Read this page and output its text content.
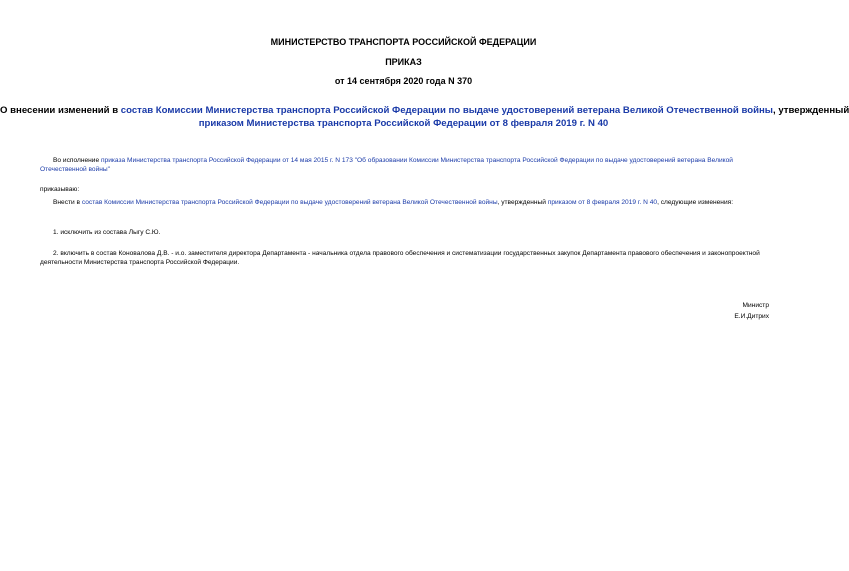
МИНИСТЕРСТВО ТРАНСПОРТА РОССИЙСКОЙ ФЕДЕРАЦИИ
ПРИКАЗ
от 14 сентября 2020 года N 370
О внесении изменений в состав Комиссии Министерства транспорта Российской Федерации по выдаче удостоверений ветерана Великой Отечественной войны, утвержденный
приказом Министерства транспорта Российской Федерации от 8 февраля 2019 г. N 40
Во исполнение приказа Министерства транспорта Российской Федерации от 14 мая 2015 г. N 173 "Об образовании Комиссии Министерства транспорта Российской Федерации по выдаче удостоверений ветерана Великой Отечественной войны"
приказываю:
Внести в состав Комиссии Министерства транспорта Российской Федерации по выдаче удостоверений ветерана Великой Отечественной войны, утвержденный приказом от 8 февраля 2019 г. N 40, следующие изменения:
1. исключить из состава Лыгу С.Ю.
2. включить в состав Коновалова Д.В. - и.о. заместителя директора Департамента - начальника отдела правового обеспечения и систематизации государственных закупок Департамента правового обеспечения и законопроектной деятельности Министерства транспорта Российской Федерации.
Министр
Е.И.Дитрих
